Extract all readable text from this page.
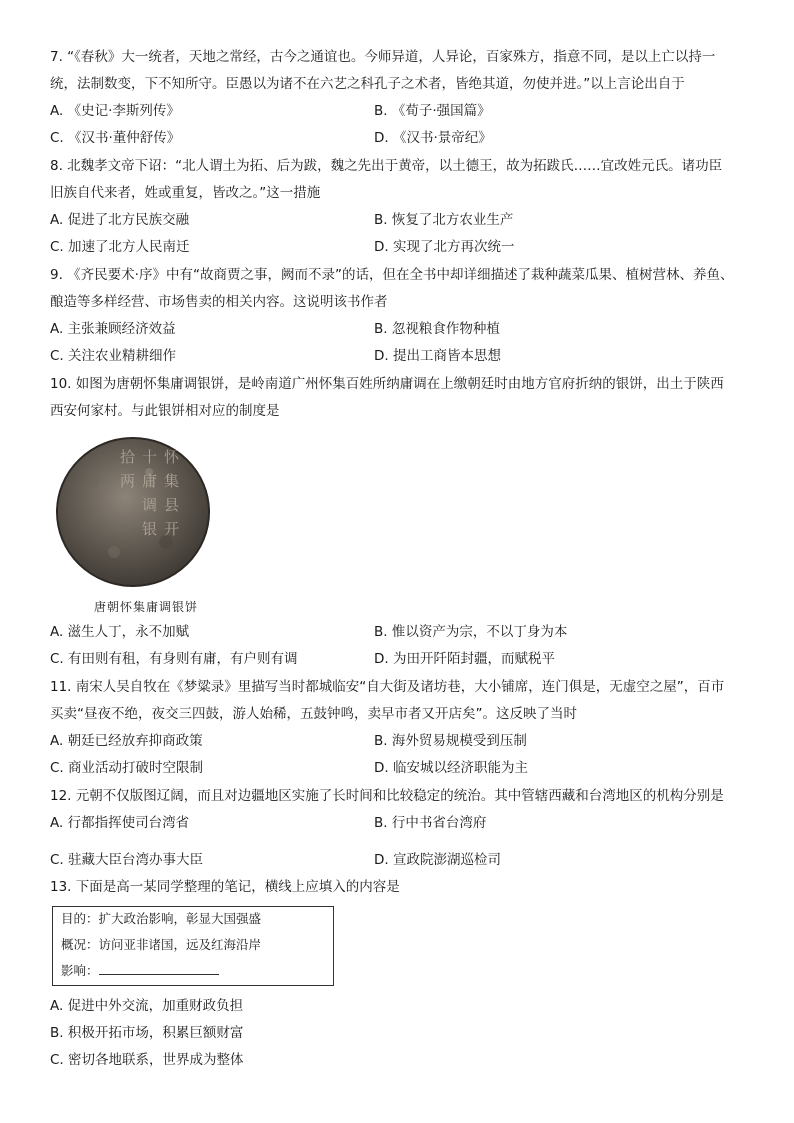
7. “《春秋》大一统者，天地之常经，古今之通谊也。今师异道，人异论，百家殊方，指意不同，是以上亡以持一
统，法制数变，下不知所守。臣愚以为诸不在六艺之科孔子之术者，皆绝其道，勿使并进。”以上言论出自于
A. 《史记·李斯列传》	B. 《荀子·强国篇》
C. 《汉书·董仲舒传》	D. 《汉书·景帝纪》
8. 北魏孝文帝下诏：“北人谓土为拓、后为跋，魏之先出于黄帝，以土德王，故为拓跋氏……宜改姓元氏。诸功臣
旧族自代来者，姓或重复，皆改之。”这一措施
A. 促进了北方民族交融	B. 恢复了北方农业生产
C. 加速了北方人民南迁	D. 实现了北方再次统一
9. 《齐民要术·序》中有“故商贾之事，阙而不录”的话，但在全书中却详细描述了栽种蔬菜瓜果、植树营林、养鱼、
酿造等多样经营、市场售卖的相关内容。这说明该书作者
A. 主张兼顾经济效益	B. 忽视粮食作物种植
C. 关注农业精耕细作	D. 提出工商皆本思想
10. 如图为唐朝怀集庸调银饼，是岭南道广州怀集百姓所纳庸调在上缴朝廷时由地方官府折纳的银饼，出土于陕西
西安何家村。与此银饼相对应的制度是
怀
集
县
开
十
庸
调
银
拾
两
唐朝怀集庸调银饼
A. 滋生人丁，永不加赋	B. 惟以资产为宗，不以丁身为本
C. 有田则有租，有身则有庸，有户则有调	D. 为田开阡陌封疆，而赋税平
11. 南宋人吴自牧在《梦粱录》里描写当时都城临安“自大街及诸坊巷，大小铺席，连门俱是，无虚空之屋”，百市
买卖“昼夜不绝，夜交三四鼓，游人始稀，五鼓钟鸣，卖早市者又开店矣”。这反映了当时
A. 朝廷已经放弃抑商政策	B. 海外贸易规模受到压制
C. 商业活动打破时空限制	D. 临安城以经济职能为主
12. 元朝不仅版图辽阔，而且对边疆地区实施了长时间和比较稳定的统治。其中管辖西藏和台湾地区的机构分别是
A. 行都指挥使司台湾省	B. 行中书省台湾府
C. 驻藏大臣台湾办事大臣	D. 宣政院澎湖巡检司
13. 下面是高一某同学整理的笔记，横线上应填入的内容是
目的：扩大政治影响，彰显大国强盛
概况：访问亚非诸国，远及红海沿岸
影响：
A. 促进中外交流，加重财政负担
B. 积极开拓市场，积累巨额财富
C. 密切各地联系，世界成为整体
